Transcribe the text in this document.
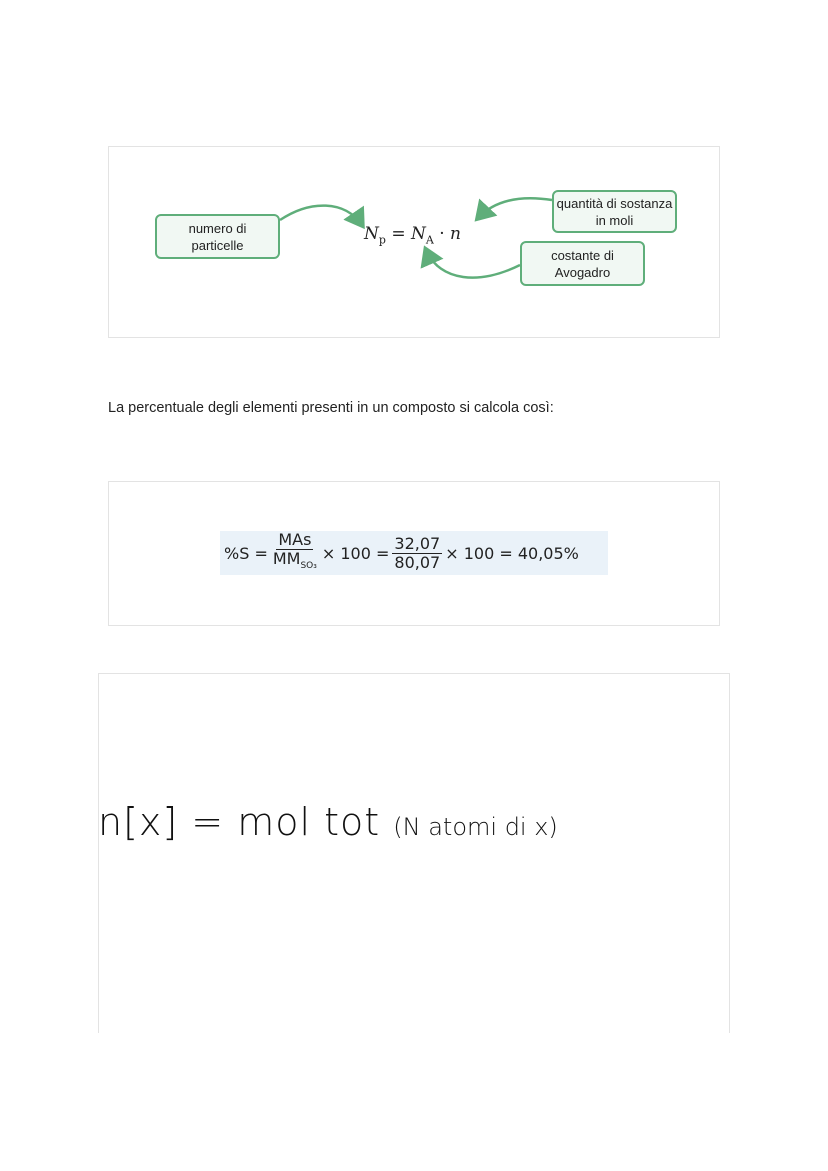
numero di particelle
quantità di sostanza in moli
costante di Avogadro
$N_p = N_A \cdot n$
La percentuale degli elementi presenti in un composto si calcola così:
$\%S = \frac{\text{MAs}}{MM_{SO_3}} \times 100 = \frac{32,07}{80,07} \times 100 = 40,05\%$
n[x] = mol tot (N atomi di x)
